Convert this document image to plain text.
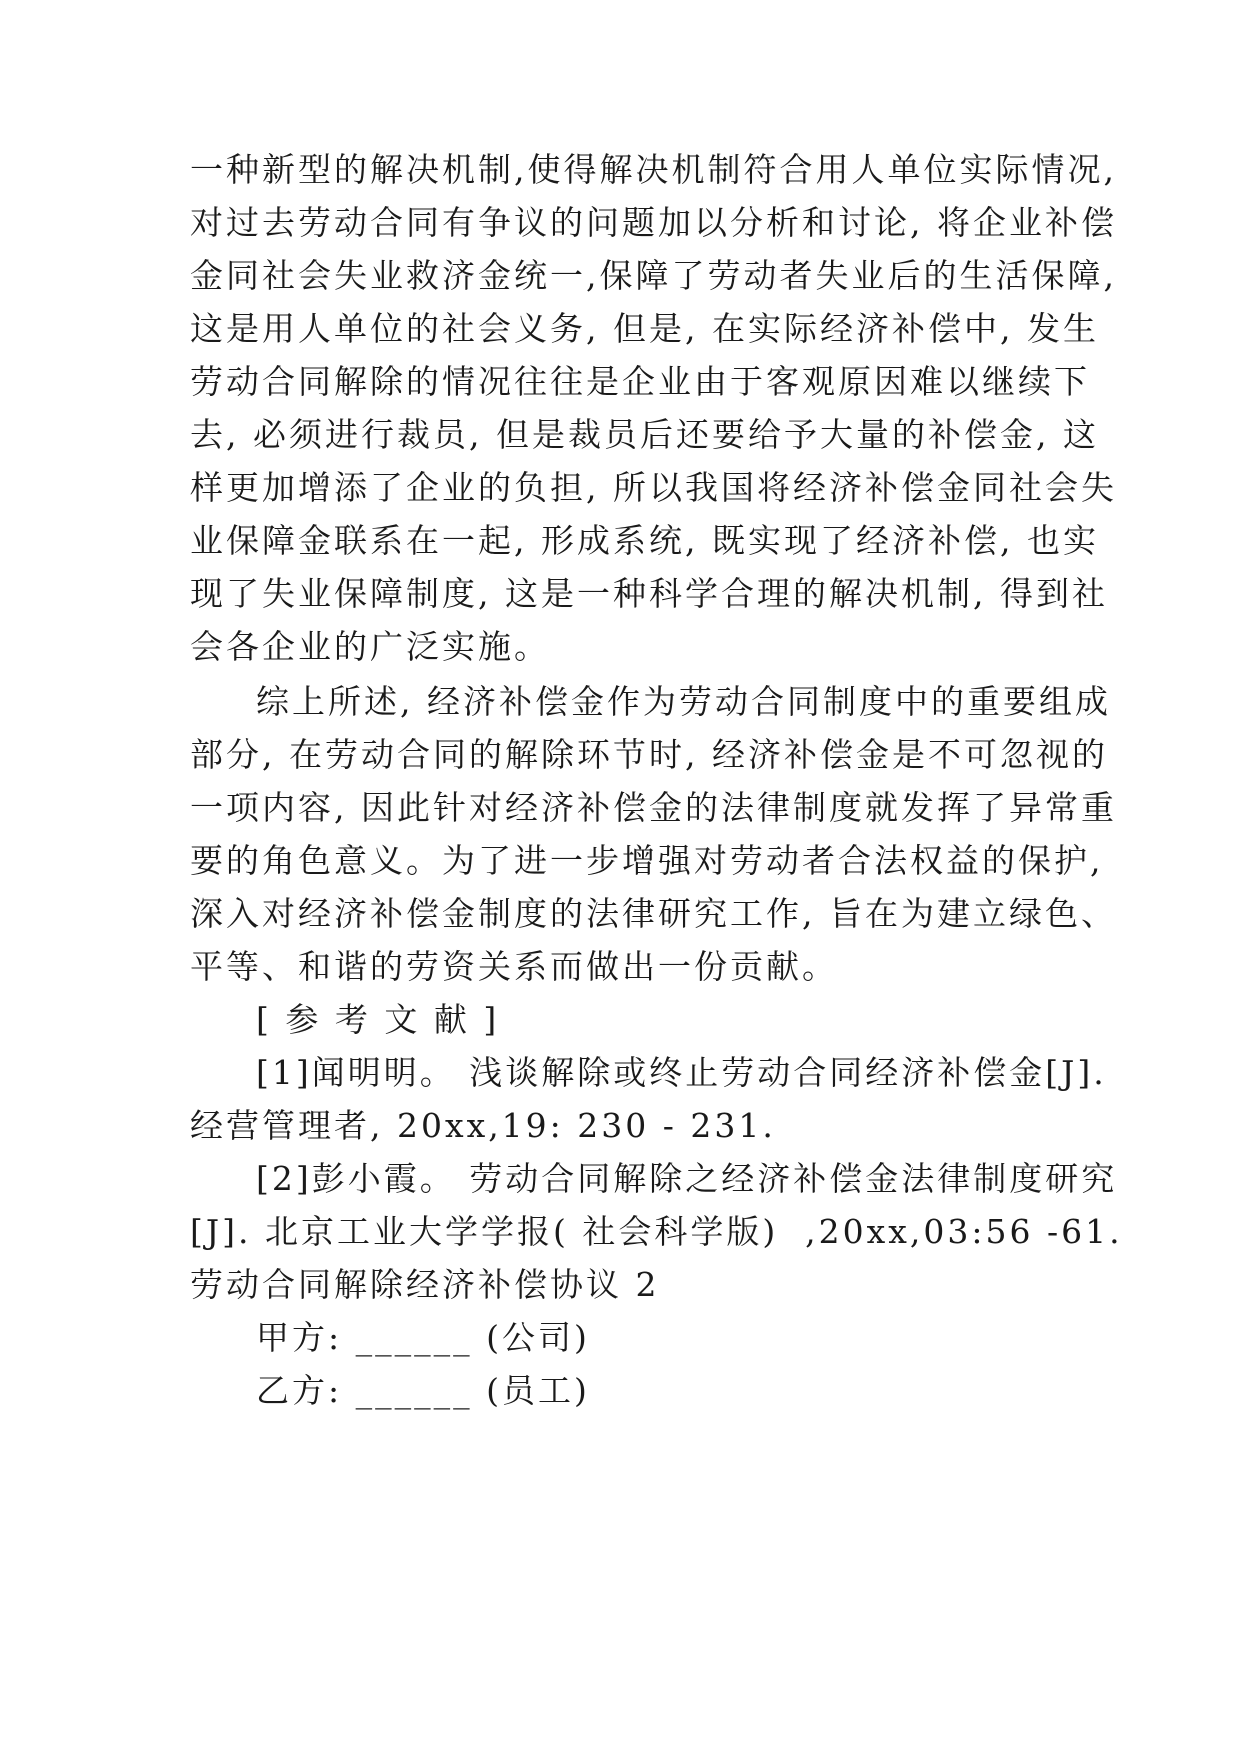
一种新型的解决机制,使得解决机制符合用人单位实际情况,
对过去劳动合同有争议的问题加以分析和讨论, 将企业补偿
金同社会失业救济金统一,保障了劳动者失业后的生活保障,
这是用人单位的社会义务, 但是, 在实际经济补偿中, 发生
劳动合同解除的情况往往是企业由于客观原因难以继续下
去, 必须进行裁员, 但是裁员后还要给予大量的补偿金, 这
样更加增添了企业的负担, 所以我国将经济补偿金同社会失
业保障金联系在一起, 形成系统, 既实现了经济补偿, 也实
现了失业保障制度, 这是一种科学合理的解决机制, 得到社
会各企业的广泛实施。
综上所述, 经济补偿金作为劳动合同制度中的重要组成
部分, 在劳动合同的解除环节时, 经济补偿金是不可忽视的
一项内容, 因此针对经济补偿金的法律制度就发挥了异常重
要的角色意义。为了进一步增强对劳动者合法权益的保护,
深入对经济补偿金制度的法律研究工作, 旨在为建立绿色、
平等、和谐的劳资关系而做出一份贡献。
[ 参 考 文 献 ]
[1]闻明明。 浅谈解除或终止劳动合同经济补偿金[J].
经营管理者, 20xx,19: 230 - 231.
[2]彭小霞。 劳动合同解除之经济补偿金法律制度研究
[J]. 北京工业大学学报( 社会科学版)  ,20xx,03:56 -61.
劳动合同解除经济补偿协议 2
甲方: ______ (公司)
乙方: ______ (员工)
